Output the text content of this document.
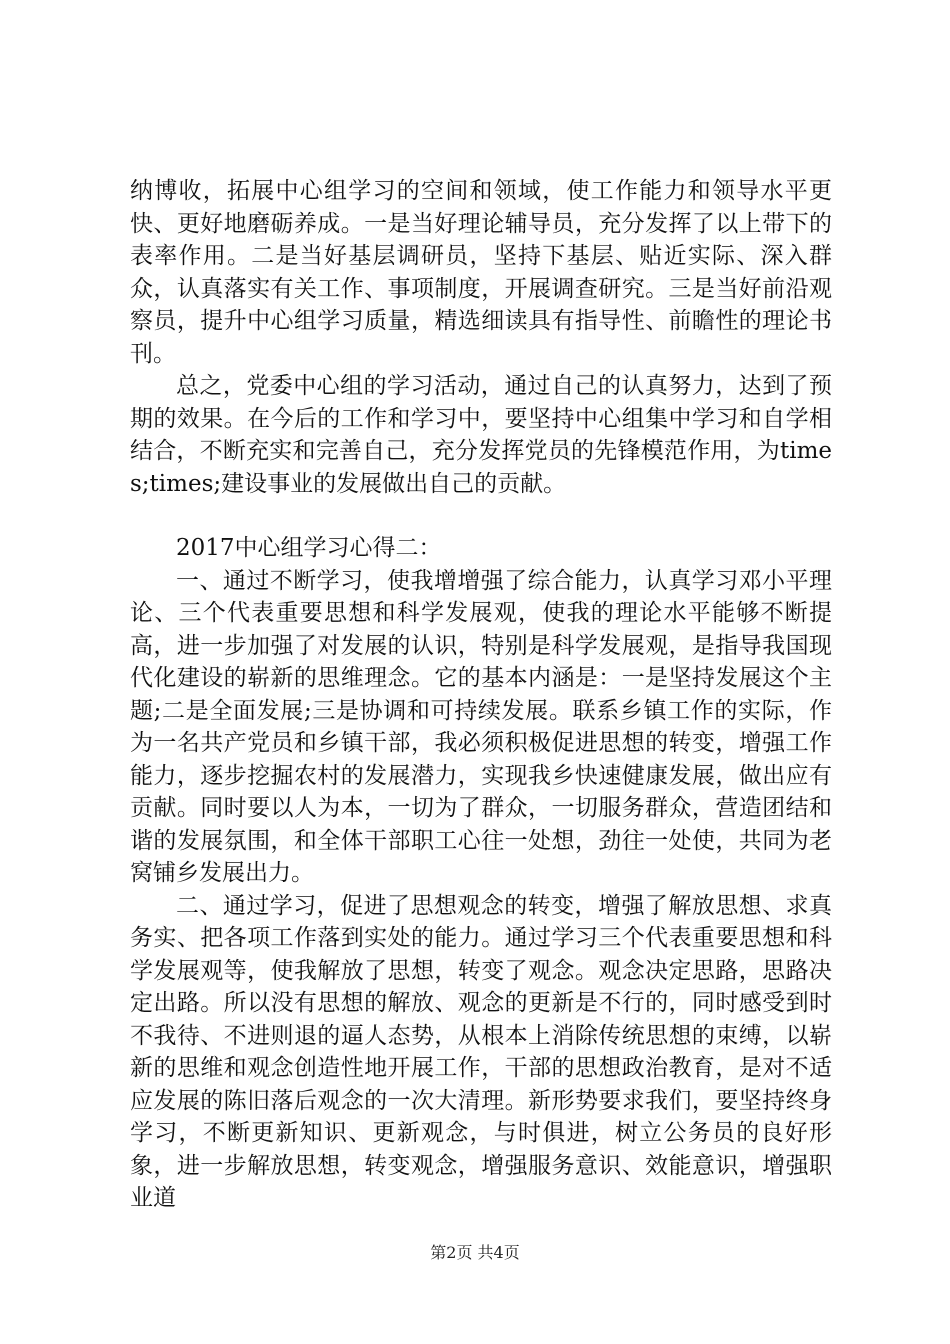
纳博收，拓展中心组学习的空间和领域，使工作能力和领导水平更快、更好地磨砺养成。一是当好理论辅导员，充分发挥了以上带下的表率作用。二是当好基层调研员，坚持下基层、贴近实际、深入群众，认真落实有关工作、事项制度，开展调查研究。三是当好前沿观察员，提升中心组学习质量，精选细读具有指导性、前瞻性的理论书刊。

总之，党委中心组的学习活动，通过自己的认真努力，达到了预期的效果。在今后的工作和学习中，要坚持中心组集中学习和自学相结合，不断充实和完善自己，充分发挥党员的先锋模范作用，为times;times;建设事业的发展做出自己的贡献。

2017中心组学习心得二：

一、通过不断学习，使我增增强了综合能力，认真学习邓小平理论、三个代表重要思想和科学发展观，使我的理论水平能够不断提高，进一步加强了对发展的认识，特别是科学发展观，是指导我国现代化建设的崭新的思维理念。它的基本内涵是：一是坚持发展这个主题;二是全面发展;三是协调和可持续发展。联系乡镇工作的实际，作为一名共产党员和乡镇干部，我必须积极促进思想的转变，增强工作能力，逐步挖掘农村的发展潜力，实现我乡快速健康发展，做出应有贡献。同时要以人为本，一切为了群众，一切服务群众，营造团结和谐的发展氛围，和全体干部职工心往一处想，劲往一处使，共同为老窝铺乡发展出力。

二、通过学习，促进了思想观念的转变，增强了解放思想、求真务实、把各项工作落到实处的能力。通过学习三个代表重要思想和科学发展观等，使我解放了思想，转变了观念。观念决定思路，思路决定出路。所以没有思想的解放、观念的更新是不行的，同时感受到时不我待、不进则退的逼人态势，从根本上消除传统思想的束缚，以崭新的思维和观念创造性地开展工作，干部的思想政治教育，是对不适应发展的陈旧落后观念的一次大清理。新形势要求我们，要坚持终身学习，不断更新知识、更新观念，与时俱进，树立公务员的良好形象，进一步解放思想，转变观念，增强服务意识、效能意识，增强职业道

第2页 共4页
